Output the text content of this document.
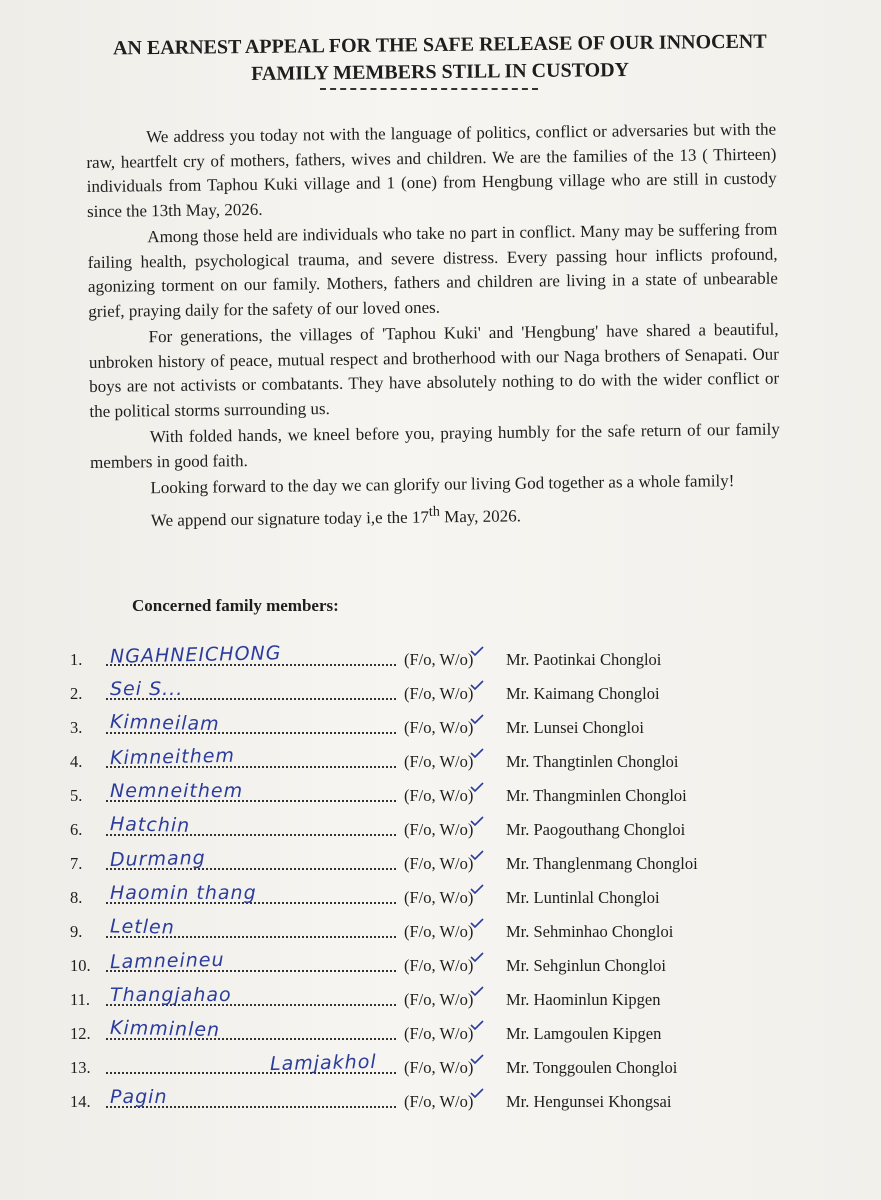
AN EARNEST APPEAL FOR THE SAFE RELEASE OF OUR INNOCENT
FAMILY MEMBERS STILL IN CUSTODY

We address you today not with the language of politics, conflict or adversaries but with the raw, heartfelt cry of mothers, fathers, wives and children. We are the families of the 13 ( Thirteen) individuals from Taphou Kuki village and 1 (one) from Hengbung village who are still in custody since the 13th May, 2026.

Among those held are individuals who take no part in conflict. Many may be suffering from failing health, psychological trauma, and severe distress. Every passing hour inflicts profound, agonizing torment on our family. Mothers, fathers and children are living in a state of unbearable grief, praying daily for the safety of our loved ones.

For generations, the villages of 'Taphou Kuki' and 'Hengbung' have shared a beautiful, unbroken history of peace, mutual respect and brotherhood with our Naga brothers of Senapati. Our boys are not activists or combatants. They have absolutely nothing to do with the wider conflict or the political storms surrounding us.

With folded hands, we kneel before you, praying humbly for the safe return of our family members in good faith.

Looking forward to the day we can glorify our living God together as a whole family!

We append our signature today i,e the 17th May, 2026.

Concerned family members:
1.	NGAHNEICHONG	(F/o, W/o) Mr. Paotinkai Chongloi
2.	Sei S...	(F/o, W/o) Mr. Kaimang Chongloi
3.	Kimneilam	(F/o, W/o) Mr. Lunsei Chongloi
4.	Kimneithem	(F/o, W/o) Mr. Thangtinlen Chongloi
5.	Nemneithem	(F/o, W/o) Mr. Thangminlen Chongloi
6.	Hatchin	(F/o, W/o) Mr. Paogouthang Chongloi
7.	Durmang	(F/o, W/o) Mr. Thanglenmang Chongloi
8.	Haomin thang	(F/o, W/o) Mr. Luntinlal Chongloi
9.	Letlen	(F/o, W/o) Mr. Sehminhao Chongloi
10.	Lamneineu	(F/o, W/o) Mr. Sehginlun Chongloi
11.	Thangjahao	(F/o, W/o) Mr. Haominlun Kipgen
12.	Kimminlen	(F/o, W/o) Mr. Lamgoulen Kipgen
13.	Lamjakhol (F/o, W/o) Mr. Tonggoulen Chongloi
14.	Pagin	(F/o, W/o) Mr. Hengunsei Khongsai
